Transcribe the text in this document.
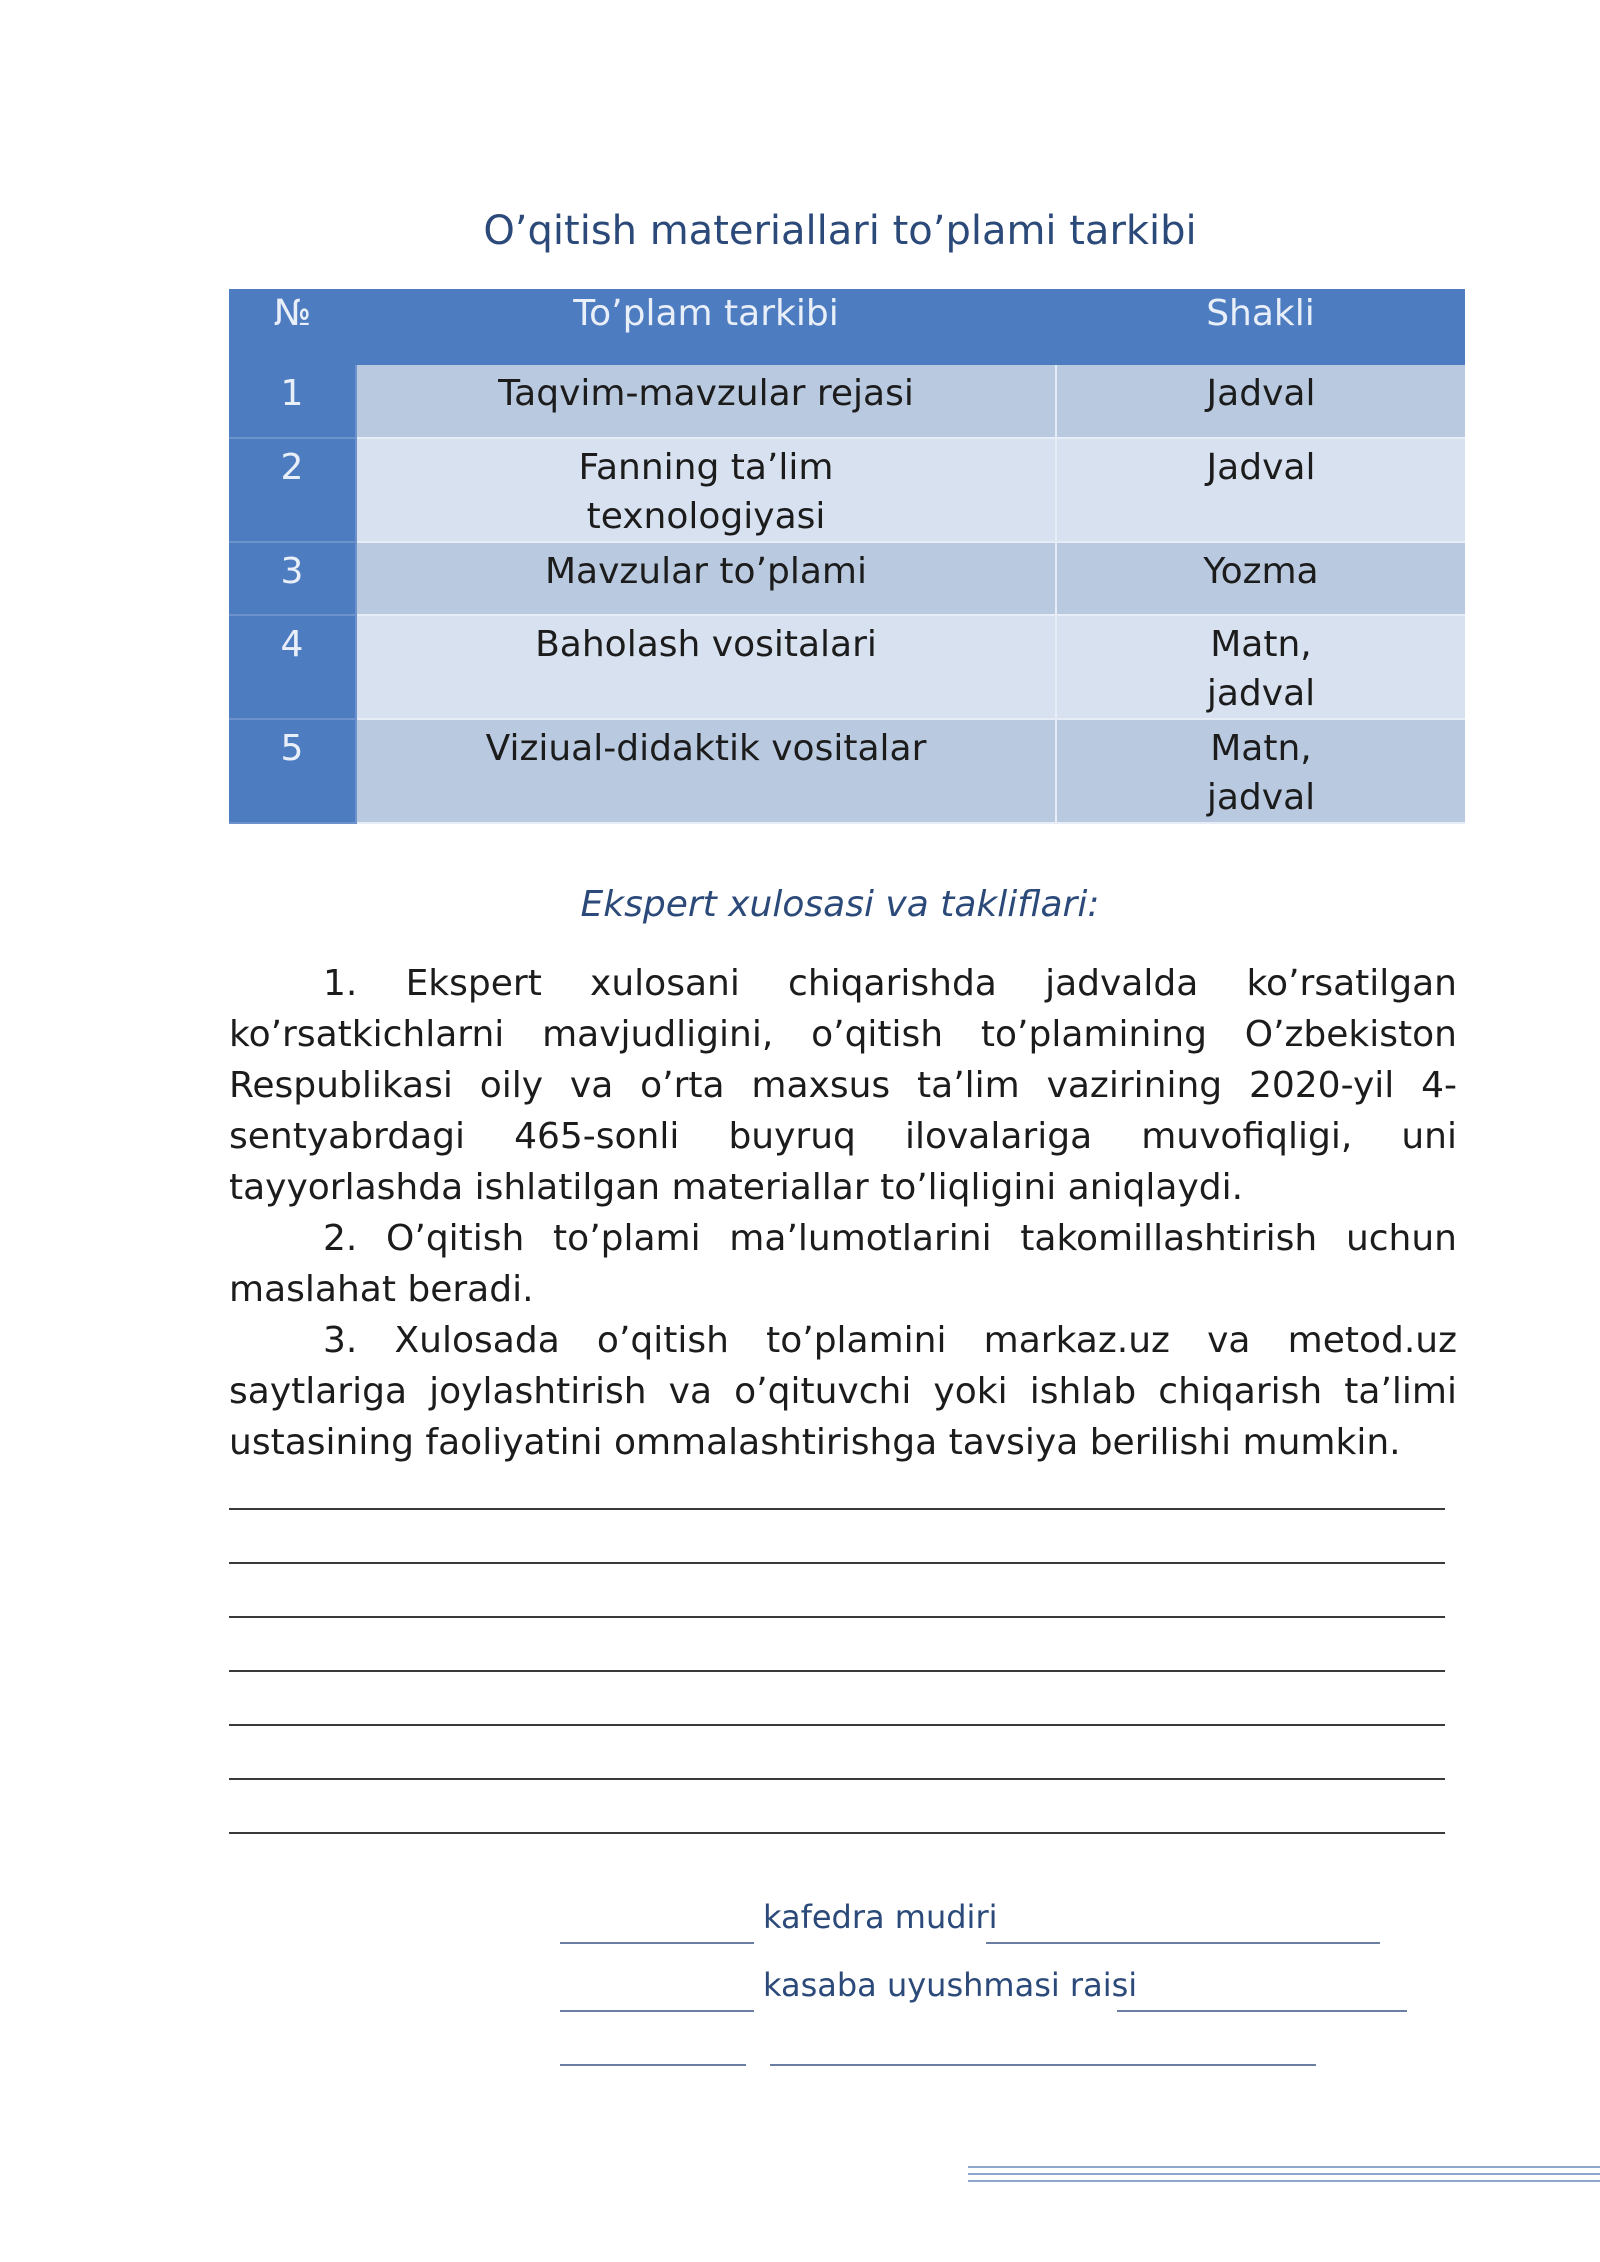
O’qitish materiallari to’plami tarkibi
№	To’plam tarkibi	Shakli
1	Taqvim-mavzular rejasi	Jadval
2	Fanning ta’lim texnologiyasi	Jadval
3	Mavzular to’plami	Yozma
4	Baholash vositalari	Matn, jadval
5	Viziual-didaktik vositalar	Matn, jadval
Ekspert xulosasi va takliflari:

1. Ekspert xulosani chiqarishda jadvalda ko’rsatilgan ko’rsatkichlarni mavjudligini, o’qitish to’plamining O’zbekiston Respublikasi oily va o’rta maxsus ta’lim vazirining 2020-yil 4-sentyabrdagi 465-sonli buyruq ilovalariga muvofiqligi, uni tayyorlashda ishlatilgan materiallar to’liqligini aniqlaydi.

2. O’qitish to’plami ma’lumotlarini takomillashtirish uchun maslahat beradi.

3. Xulosada o’qitish to’plamini markaz.uz va metod.uz saytlariga joylashtirish va o’qituvchi yoki ishlab chiqarish ta’limi ustasining faoliyatini ommalashtirishga tavsiya berilishi mumkin.

kafedra mudiri
kasaba uyushmasi raisi
